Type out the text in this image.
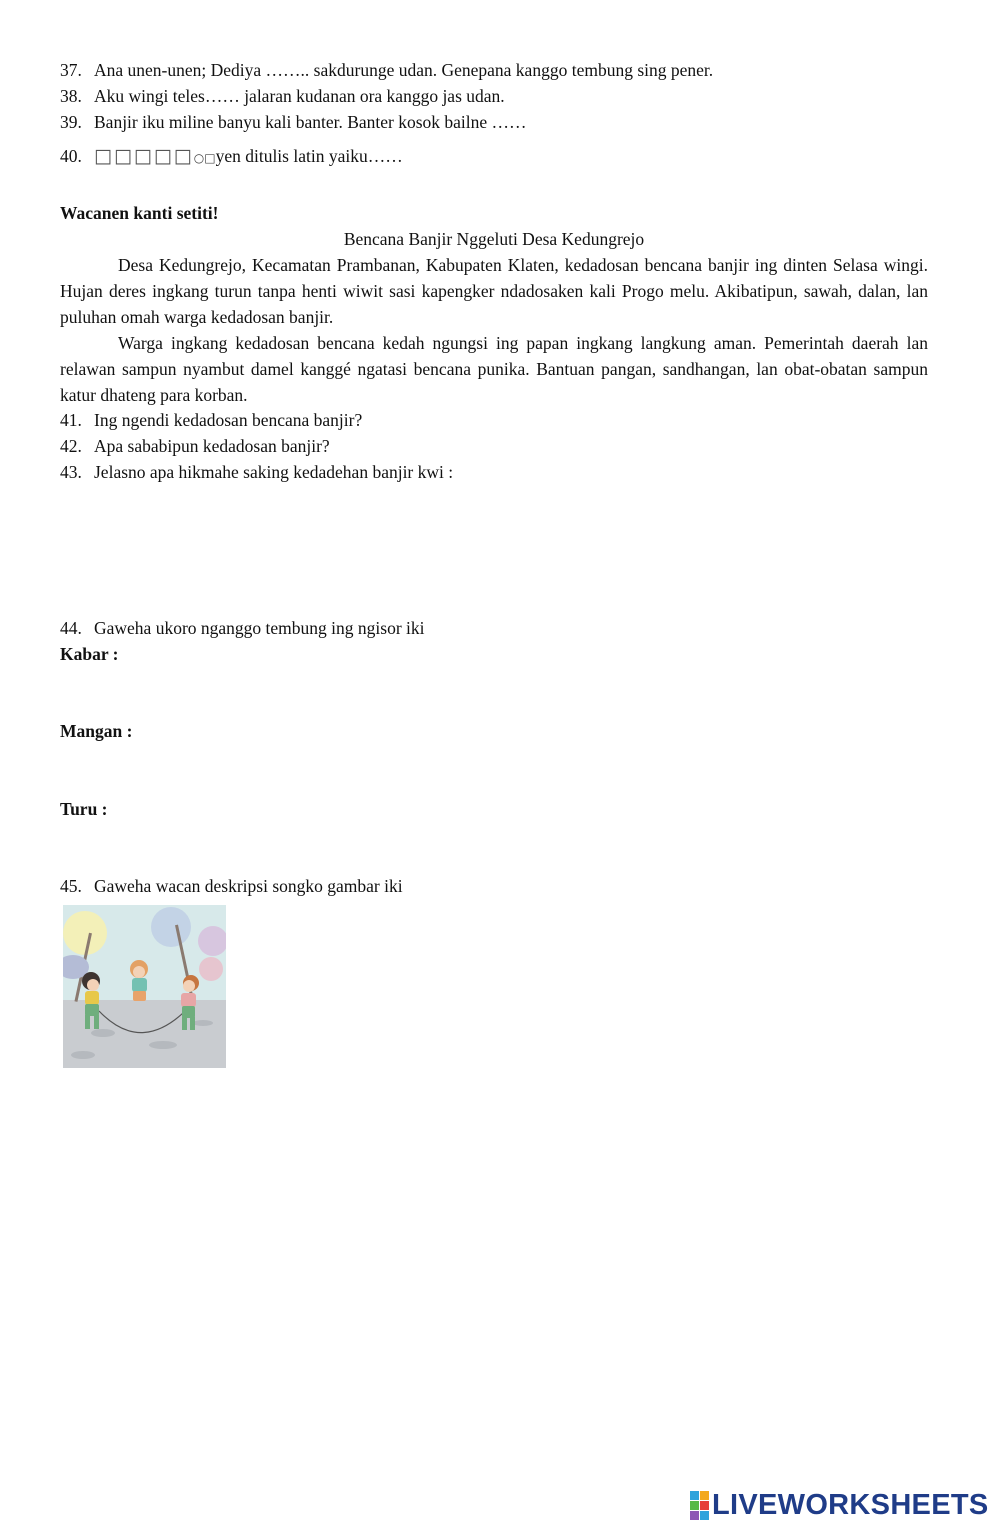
37. Ana unen-unen; Dediya …….. sakdurunge udan. Genepana kanggo tembung sing pener.
38. Aku wingi teles…… jalaran kudanan ora kanggo jas udan.
39. Banjir iku miline banyu kali banter. Banter kosok bailne ……
40. □□□□□○□yen ditulis latin yaiku……
Wacanen kanti setiti!
Bencana Banjir Nggeluti Desa Kedungrejo

Desa Kedungrejo, Kecamatan Prambanan, Kabupaten Klaten, kedadosan bencana banjir ing dinten Selasa wingi. Hujan deres ingkang turun tanpa henti wiwit sasi kapengker ndadosaken kali Progo melu. Akibatipun, sawah, dalan, lan puluhan omah warga kedadosan banjir.

Warga ingkang kedadosan bencana kedah ngungsi ing papan ingkang langkung aman. Pemerintah daerah lan relawan sampun nyambut damel kanggé ngatasi bencana punika. Bantuan pangan, sandhangan, lan obat-obatan sampun katur dhateng para korban.

41. Ing ngendi kedadosan bencana banjir?
42. Apa sababipun kedadosan banjir?
43. Jelasno apa hikmahe saking kedadehan banjir kwi :
44. Gaweha ukoro nganggo tembung ing ngisor iki
Kabar :
Mangan :
Turu :
45. Gaweha wacan deskripsi songko gambar iki
LIVEWORKSHEETS
